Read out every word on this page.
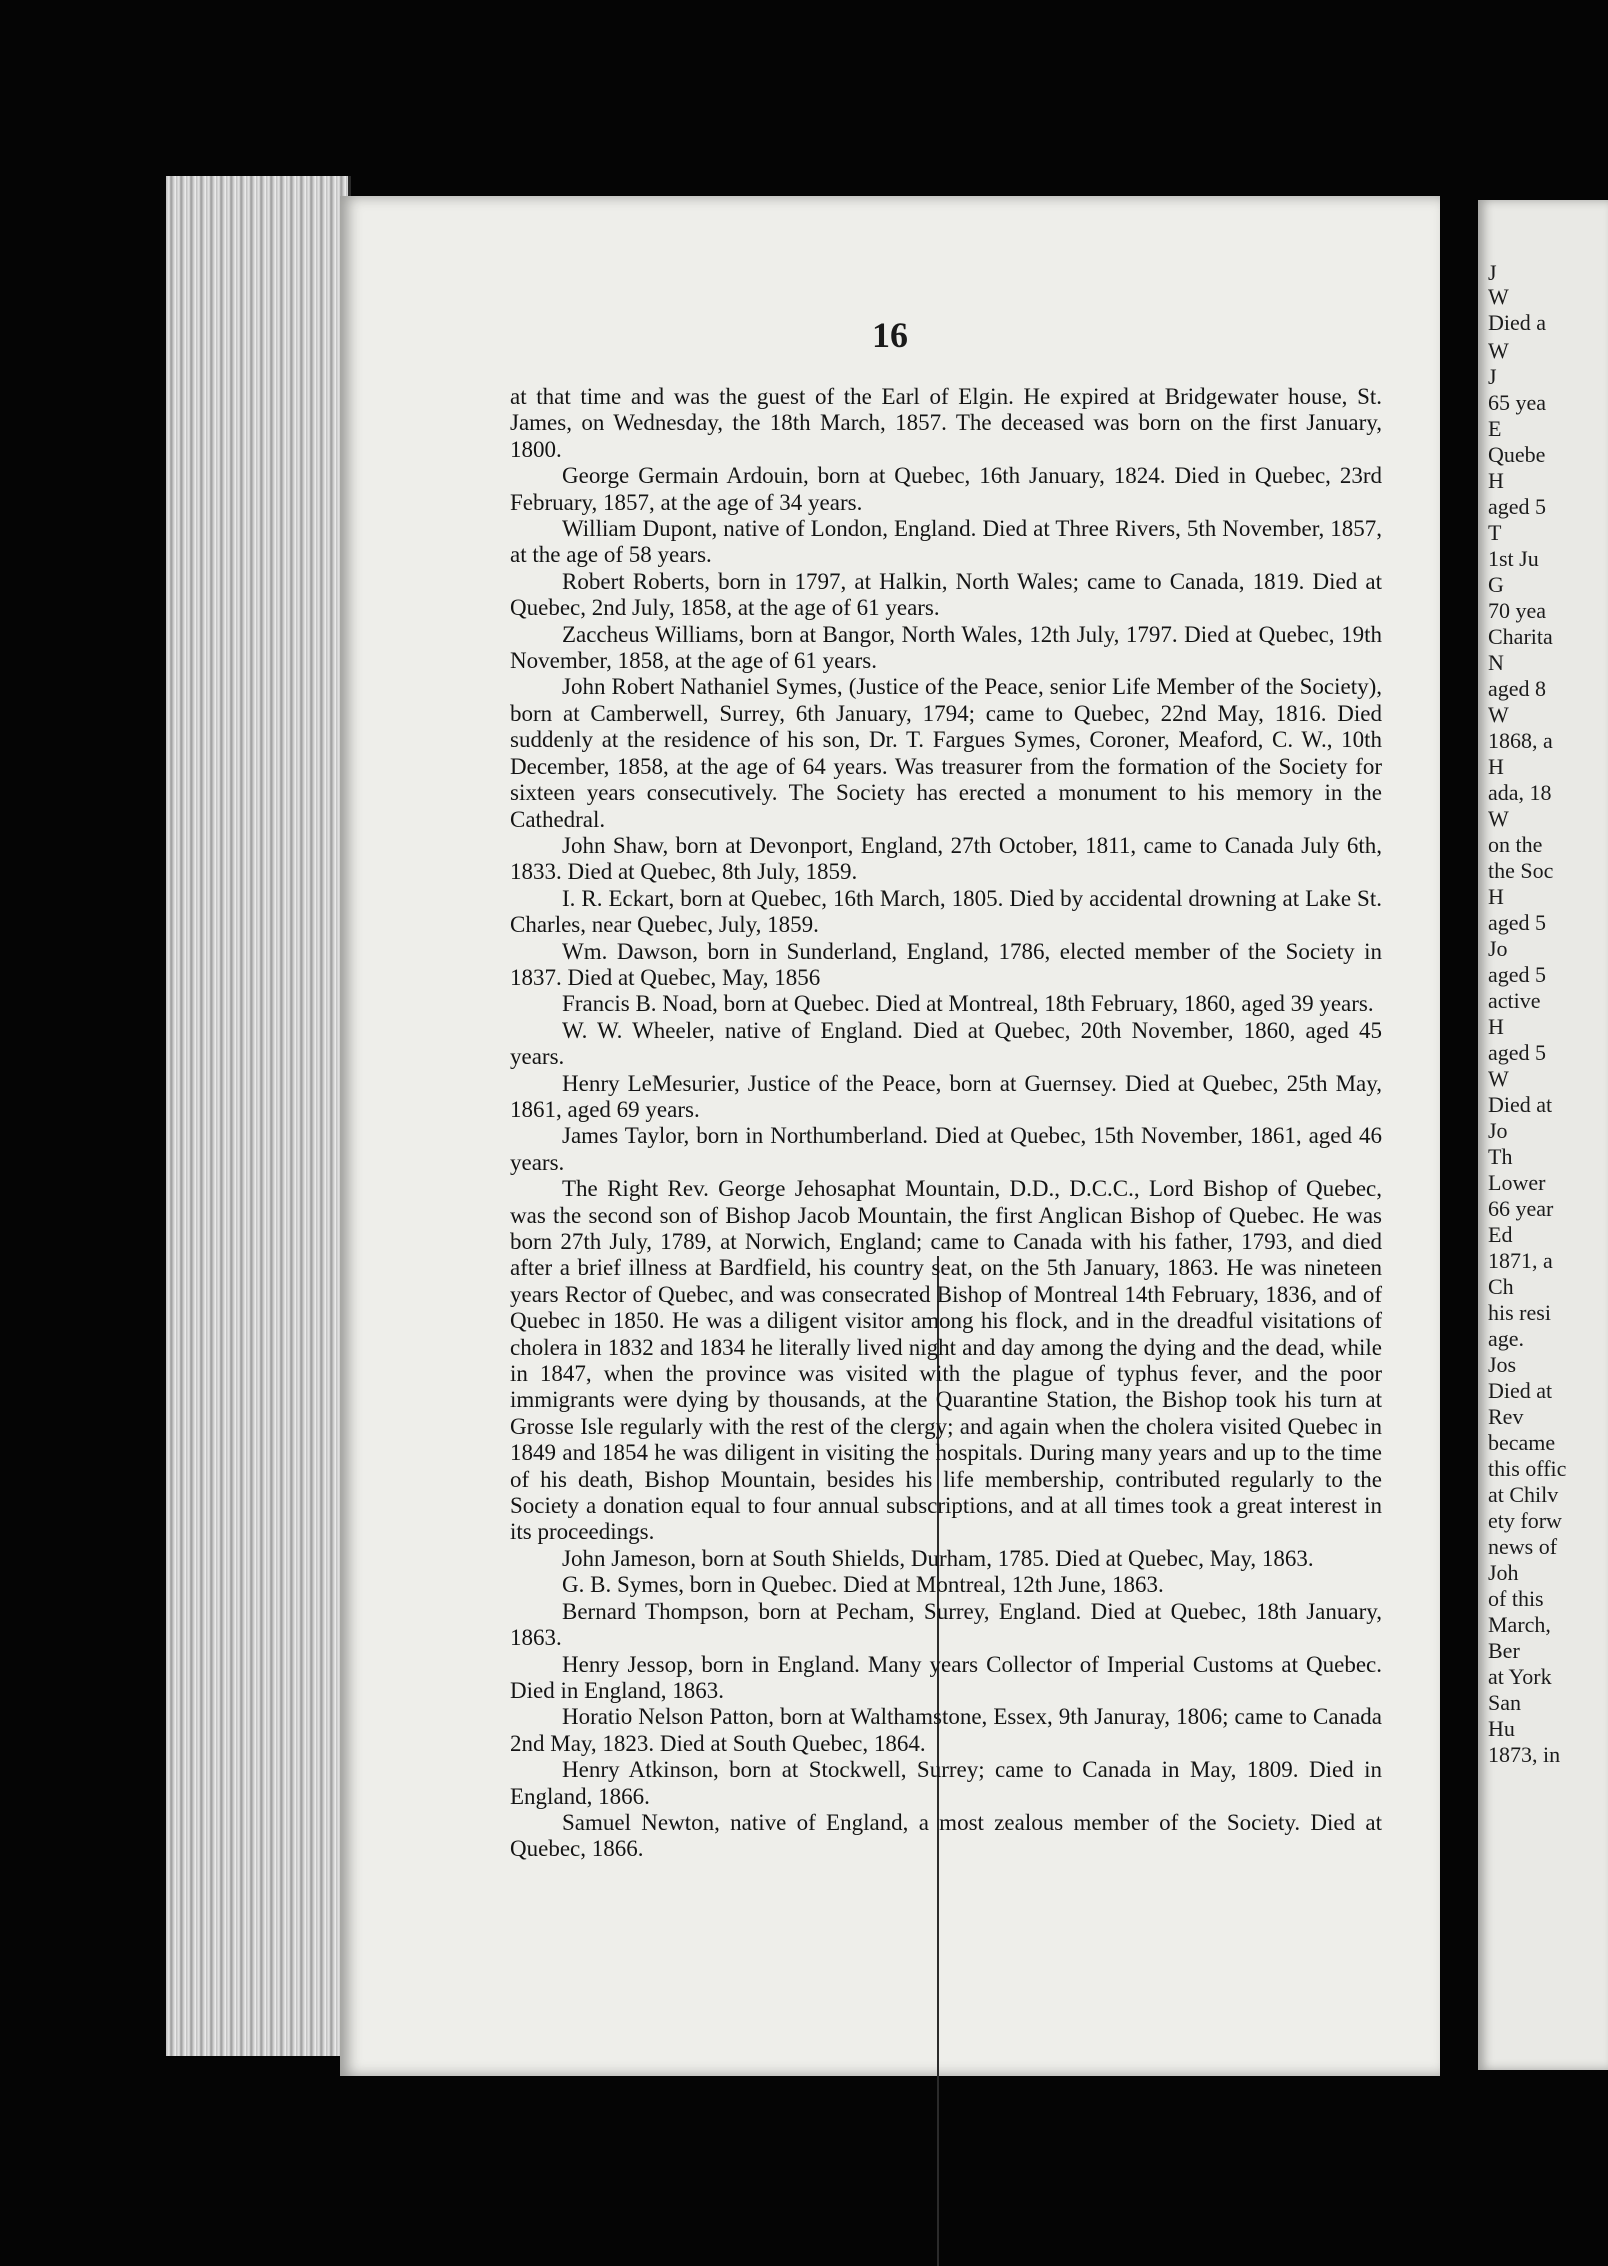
16

at that time and was the guest of the Earl of Elgin. He expired at Bridgewater house, St. James, on Wednesday, the 18th March, 1857. The deceased was born on the first January, 1800.

George Germain Ardouin, born at Quebec, 16th January, 1824. Died in Quebec, 23rd February, 1857, at the age of 34 years.

William Dupont, native of London, England. Died at Three Rivers, 5th November, 1857, at the age of 58 years.

Robert Roberts, born in 1797, at Halkin, North Wales; came to Canada, 1819. Died at Quebec, 2nd July, 1858, at the age of 61 years.

Zaccheus Williams, born at Bangor, North Wales, 12th July, 1797. Died at Quebec, 19th November, 1858, at the age of 61 years.

John Robert Nathaniel Symes, (Justice of the Peace, senior Life Member of the Society), born at Camberwell, Surrey, 6th January, 1794; came to Quebec, 22nd May, 1816. Died suddenly at the residence of his son, Dr. T. Fargues Symes, Coroner, Meaford, C. W., 10th December, 1858, at the age of 64 years. Was treasurer from the formation of the Society for sixteen years consecutively. The Society has erected a monument to his memory in the Cathedral.

John Shaw, born at Devonport, England, 27th October, 1811, came to Canada July 6th, 1833. Died at Quebec, 8th July, 1859.

I. R. Eckart, born at Quebec, 16th March, 1805. Died by accidental drowning at Lake St. Charles, near Quebec, July, 1859.

Wm. Dawson, born in Sunderland, England, 1786, elected member of the Society in 1837. Died at Quebec, May, 1856

Francis B. Noad, born at Quebec. Died at Montreal, 18th February, 1860, aged 39 years.

W. W. Wheeler, native of England. Died at Quebec, 20th November, 1860, aged 45 years.

Henry LeMesurier, Justice of the Peace, born at Guernsey. Died at Quebec, 25th May, 1861, aged 69 years.

James Taylor, born in Northumberland. Died at Quebec, 15th November, 1861, aged 46 years.

The Right Rev. George Jehosaphat Mountain, D.D., D.C.C., Lord Bishop of Quebec, was the second son of Bishop Jacob Mountain, the first Anglican Bishop of Quebec. He was born 27th July, 1789, at Norwich, England; came to Canada with his father, 1793, and died after a brief illness at Bardfield, his country seat, on the 5th January, 1863. He was nineteen years Rector of Quebec, and was consecrated Bishop of Montreal 14th February, 1836, and of Quebec in 1850. He was a diligent visitor among his flock, and in the dreadful visitations of cholera in 1832 and 1834 he literally lived night and day among the dying and the dead, while in 1847, when the province was visited with the plague of typhus fever, and the poor immigrants were dying by thousands, at the Quarantine Station, the Bishop took his turn at Grosse Isle regularly with the rest of the clergy; and again when the cholera visited Quebec in 1849 and 1854 he was diligent in visiting the hospitals. During many years and up to the time of his death, Bishop Mountain, besides his life membership, contributed regularly to the Society a donation equal to four annual subscriptions, and at all times took a great interest in its proceedings.

John Jameson, born at South Shields, Durham, 1785. Died at Quebec, May, 1863.

G. B. Symes, born in Quebec. Died at Montreal, 12th June, 1863.

Bernard Thompson, born at Pecham, Surrey, England. Died at Quebec, 18th January, 1863.

Henry Jessop, born in England. Many years Collector of Imperial Customs at Quebec. Died in England, 1863.

Horatio Nelson Patton, born at Walthamstone, Essex, 9th Januray, 1806; came to Canada 2nd May, 1823. Died at South Quebec, 1864.

Henry Atkinson, born at Stockwell, Surrey; came to Canada in May, 1809. Died in England, 1866.

Samuel Newton, native of England, a most zealous member of the Society. Died at Quebec, 1866.

J
W
Died a
W
J
65 yea
E
Quebe
H
aged 5
T
1st Ju
G
70 yea
Charita
N
aged 8
W
1868, a
H
ada, 18
W
on the
the Soc
H
aged 5
Jo
aged 5
active
H
aged 5
W
Died at
Jo
Th
Lower
66 year
Ed
1871, a
Ch
his resi
age.
Jos
Died at
Rev
became
this offic
at Chilv
ety forw
news of
Joh
of this
March,
Ber
at York
San
Hu
1873, in
